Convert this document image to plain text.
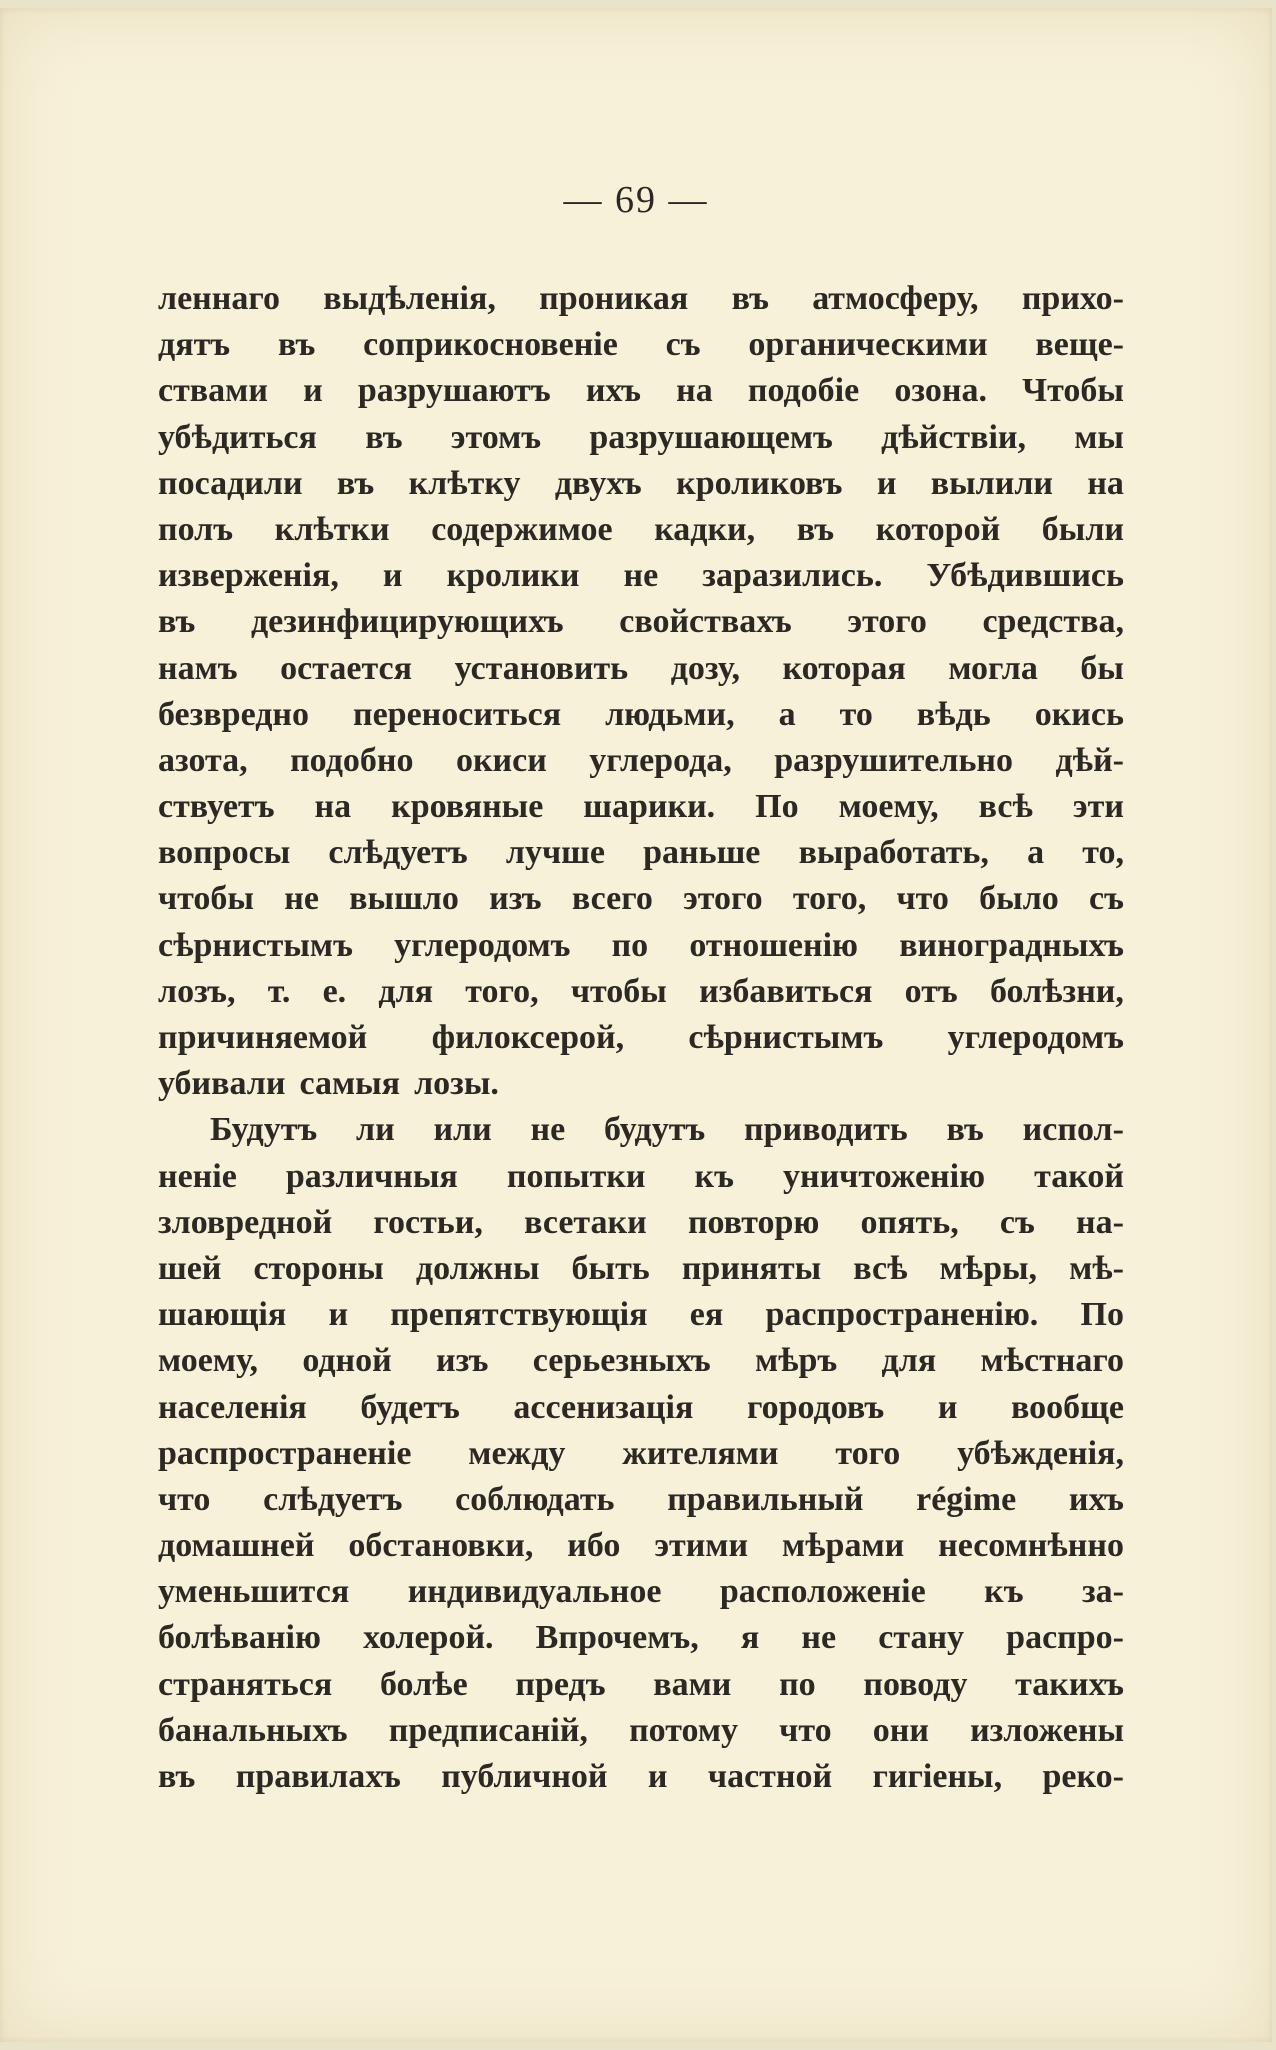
— 69 —
леннаго выдѣленія, проникая въ атмосферу, прихо-
дятъ въ соприкосновеніе съ органическими веще-
ствами и разрушаютъ ихъ на подобіе озона. Чтобы
убѣдиться въ этомъ разрушающемъ дѣйствіи, мы
посадили въ клѣтку двухъ кроликовъ и вылили на
полъ клѣтки содержимое кадки, въ которой были
изверженія, и кролики не заразились. Убѣдившись
въ дезинфицирующихъ свойствахъ этого средства,
намъ остается установить дозу, которая могла бы
безвредно переноситься людьми, а то вѣдь окись
азота, подобно окиси углерода, разрушительно дѣй-
ствуетъ на кровяные шарики. По моему, всѣ эти
вопросы слѣдуетъ лучше раньше выработать, а то,
чтобы не вышло изъ всего этого того, что было съ
сѣрнистымъ углеродомъ по отношенію виноградныхъ
лозъ, т. е. для того, чтобы избавиться отъ болѣзни,
причиняемой филоксерой, сѣрнистымъ углеродомъ
убивали самыя лозы.
Будутъ ли или не будутъ приводить въ испол-
неніе различныя попытки къ уничтоженію такой
зловредной гостьи, всетаки повторю опять, съ на-
шей стороны должны быть приняты всѣ мѣры, мѣ-
шающія и препятствующія ея распространенію. По
моему, одной изъ серьезныхъ мѣръ для мѣстнаго
населенія будетъ ассенизація городовъ и вообще
распространеніе между жителями того убѣжденія,
что слѣдуетъ соблюдать правильный régime ихъ
домашней обстановки, ибо этими мѣрами несомнѣнно
уменьшится индивидуальное расположеніе къ за-
болѣванію холерой. Впрочемъ, я не стану распро-
страняться болѣе предъ вами по поводу такихъ
банальныхъ предписаній, потому что они изложены
въ правилахъ публичной и частной гигіены, реко-
